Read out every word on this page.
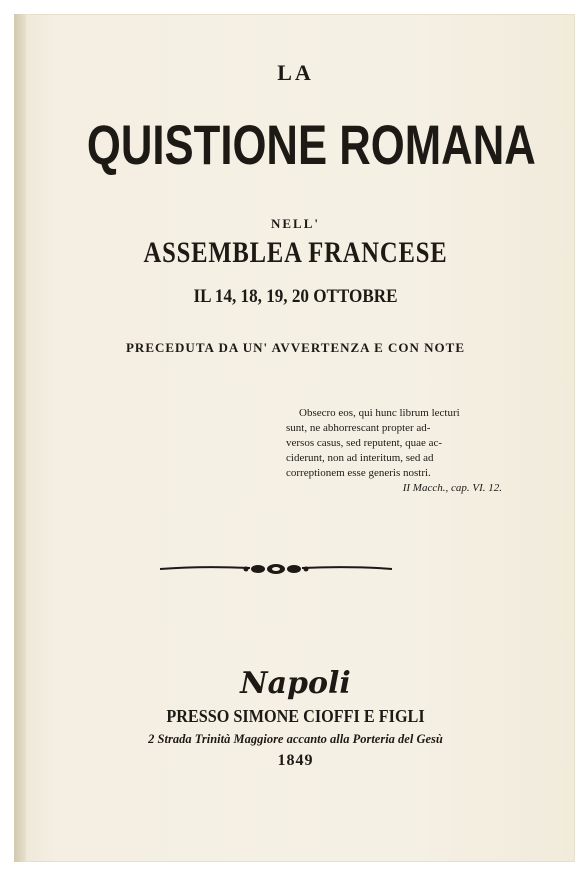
LA
QUISTIONE ROMANA
NELL'
ASSEMBLEA FRANCESE
IL 14, 18, 19, 20 OTTOBRE
PRECEDUTA DA UN' AVVERTENZA E CON NOTE
Obsecro eos, qui hunc librum lecturi
sunt, ne abhorrescant propter ad-
versos casus, sed reputent, quae ac-
ciderunt, non ad interitum, sed ad
correptionem esse generis nostri.
II Macch., cap. VI. 12.
Napoli
PRESSO SIMONE CIOFFI E FIGLI
2 Strada Trinità Maggiore accanto alla Porteria del Gesù
1849
